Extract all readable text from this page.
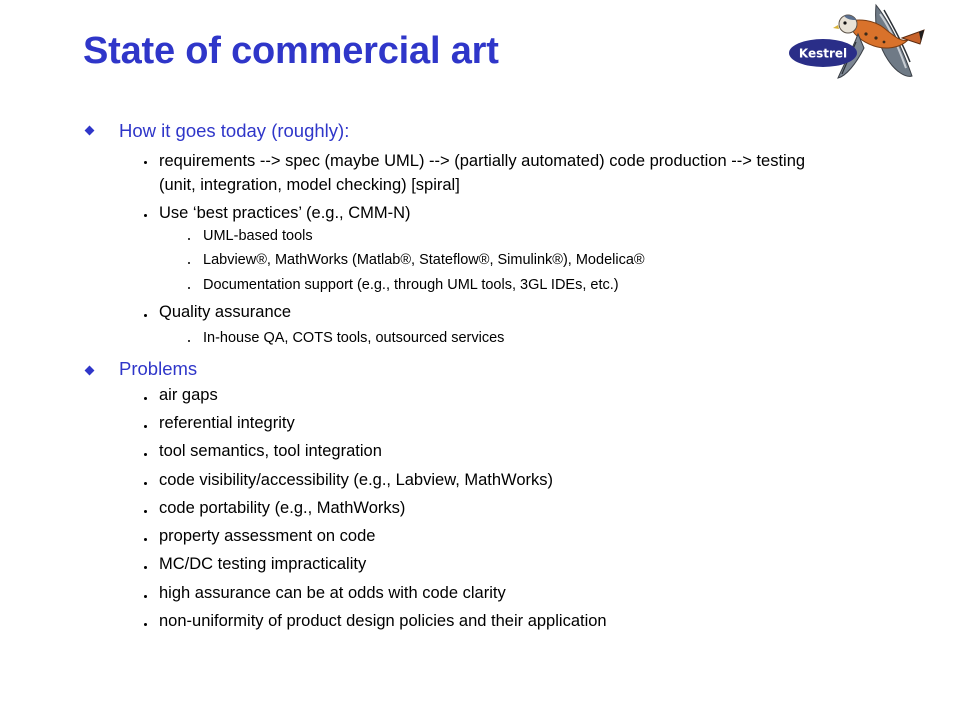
State of commercial art	Kestrel
How it goes today (roughly):
requirements --> spec (maybe UML) --> (partially automated) code production --> testing (unit, integration, model checking) [spiral]
Use ‘best practices’ (e.g., CMM-N)
UML-based tools
Labview®, MathWorks (Matlab®, Stateflow®, Simulink®), Modelica®
Documentation support (e.g., through UML tools, 3GL IDEs, etc.)
Quality assurance
In-house QA, COTS tools, outsourced services
Problems
air gaps
referential integrity
tool semantics, tool integration
code visibility/accessibility (e.g., Labview, MathWorks)
code portability (e.g., MathWorks)
property assessment on code
MC/DC testing impracticality
high assurance can be at odds with code clarity
non-uniformity of product design policies and their application
